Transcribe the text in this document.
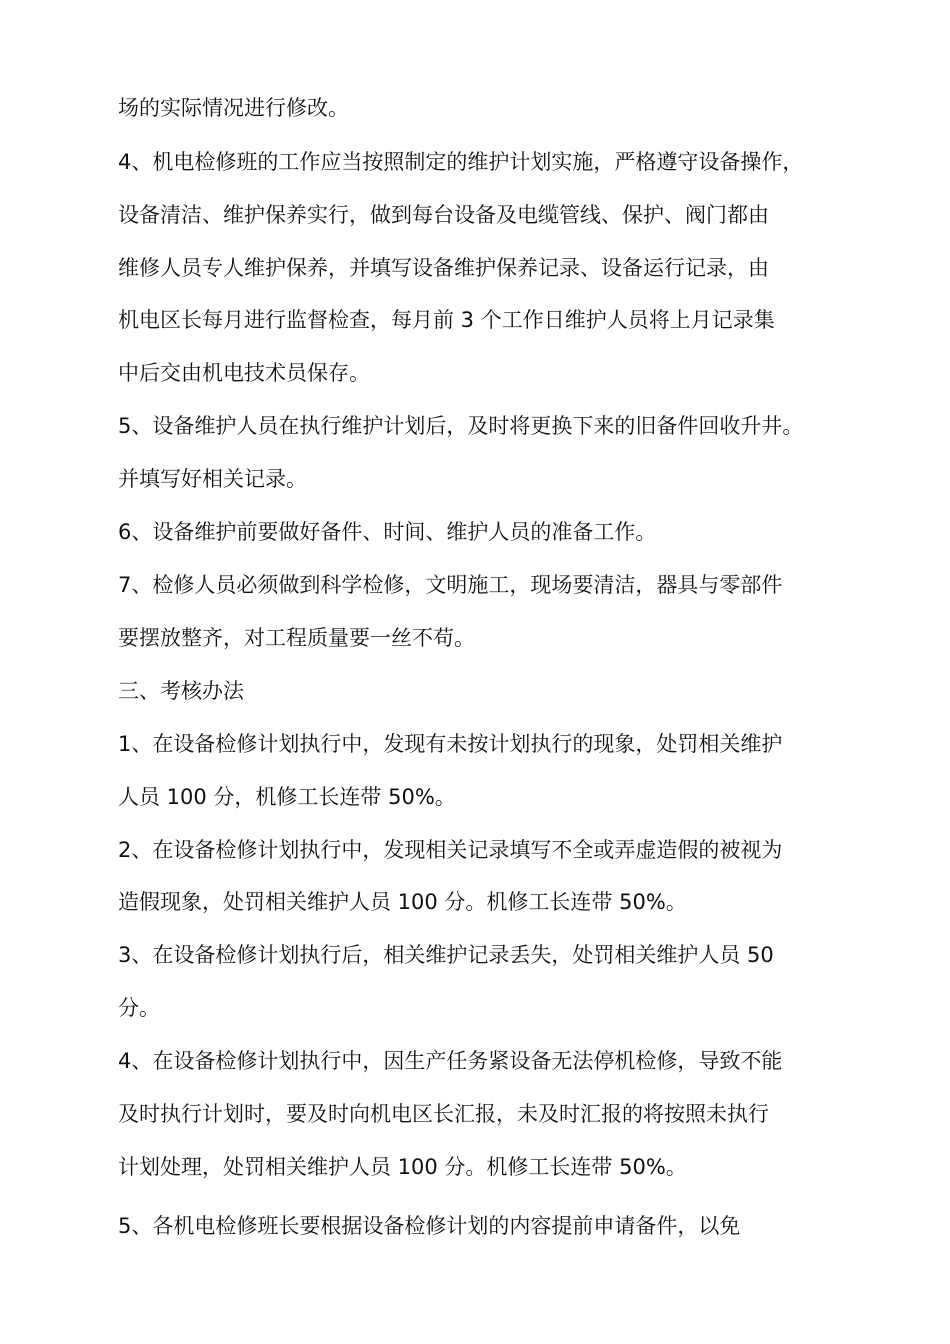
场的实际情况进行修改。
4、机电检修班的工作应当按照制定的维护计划实施，严格遵守设备操作，
设备清洁、维护保养实行，做到每台设备及电缆管线、保护、阀门都由
维修人员专人维护保养，并填写设备维护保养记录、设备运行记录，由
机电区长每月进行监督检查，每月前 3 个工作日维护人员将上月记录集
中后交由机电技术员保存。
5、设备维护人员在执行维护计划后，及时将更换下来的旧备件回收升井。
并填写好相关记录。
6、设备维护前要做好备件、时间、维护人员的准备工作。
7、检修人员必须做到科学检修，文明施工，现场要清洁，器具与零部件
要摆放整齐，对工程质量要一丝不苟。
三、考核办法
1、在设备检修计划执行中，发现有未按计划执行的现象，处罚相关维护
人员 100 分，机修工长连带 50%。
2、在设备检修计划执行中，发现相关记录填写不全或弄虚造假的被视为
造假现象，处罚相关维护人员 100 分。机修工长连带 50%。
3、在设备检修计划执行后，相关维护记录丢失，处罚相关维护人员 50
分。
4、在设备检修计划执行中，因生产任务紧设备无法停机检修，导致不能
及时执行计划时，要及时向机电区长汇报，未及时汇报的将按照未执行
计划处理，处罚相关维护人员 100 分。机修工长连带 50%。
5、各机电检修班长要根据设备检修计划的内容提前申请备件，以免
